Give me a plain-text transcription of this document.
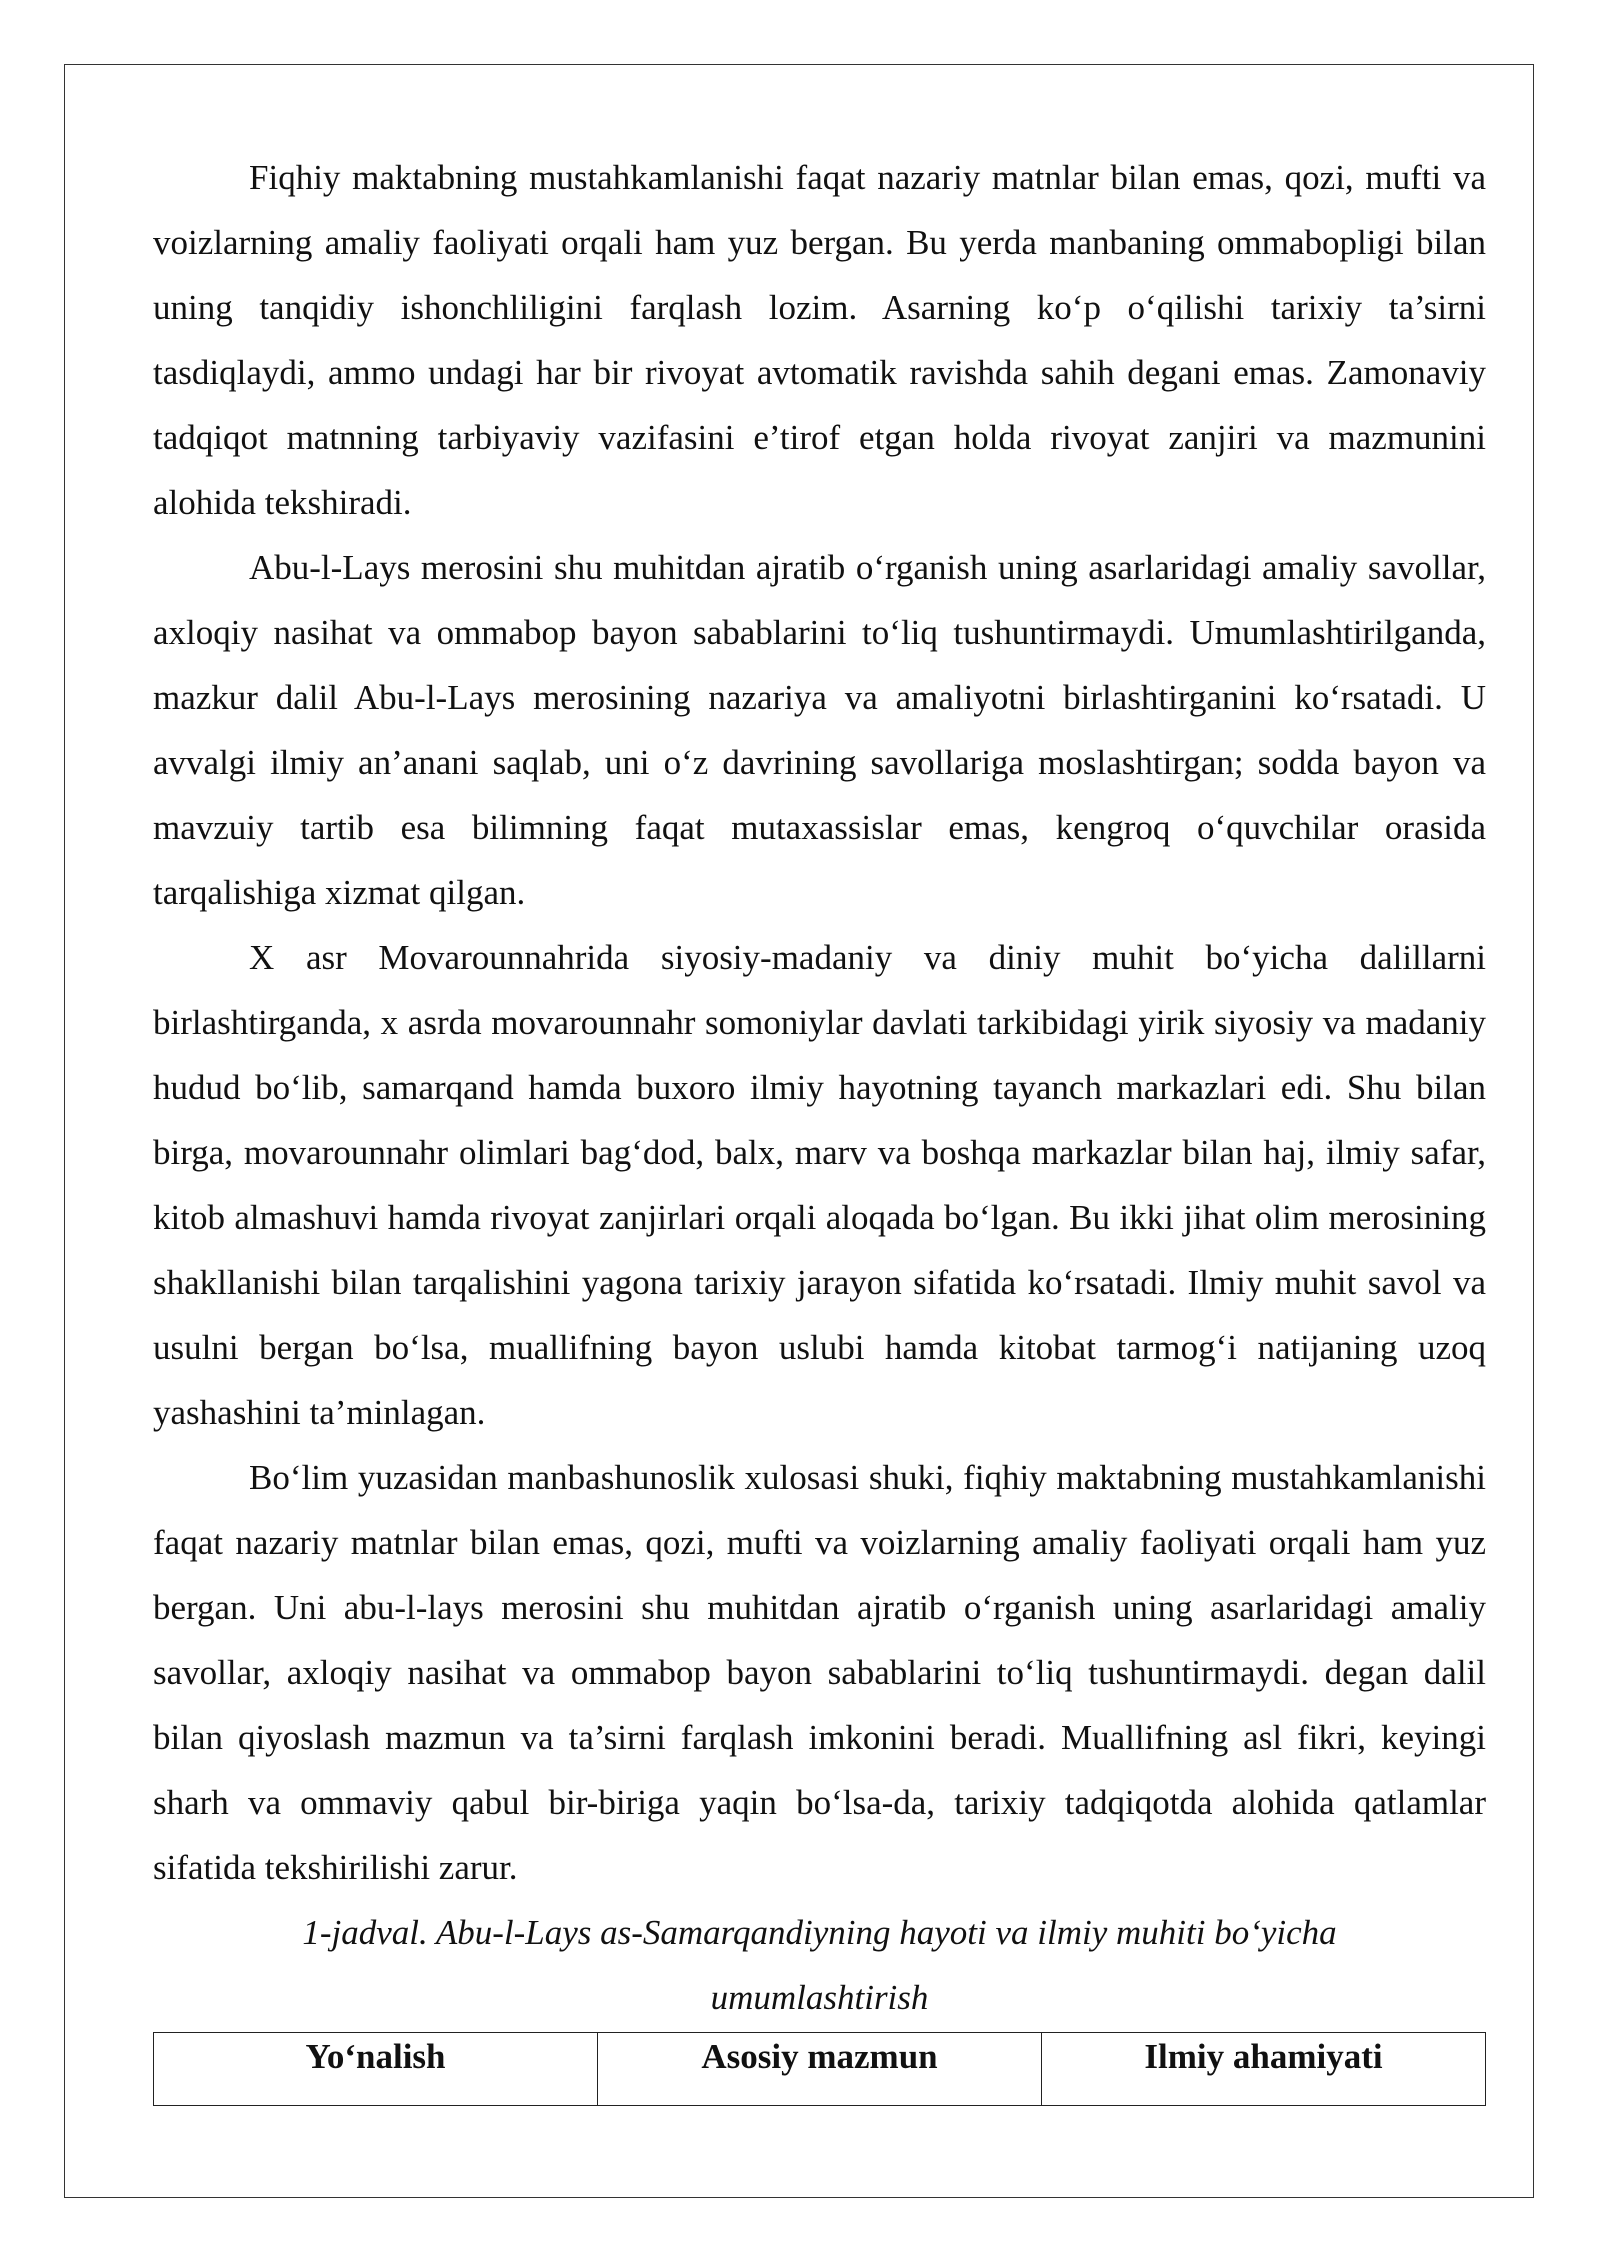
Fiqhiy maktabning mustahkamlanishi faqat nazariy matnlar bilan emas, qozi, mufti va voizlarning amaliy faoliyati orqali ham yuz bergan. Bu yerda manbaning ommabopligi bilan uning tanqidiy ishonchliligini farqlash lozim. Asarning ko‘p o‘qilishi tarixiy ta’sirni tasdiqlaydi, ammo undagi har bir rivoyat avtomatik ravishda sahih degani emas. Zamonaviy tadqiqot matnning tarbiyaviy vazifasini e’tirof etgan holda rivoyat zanjiri va mazmunini alohida tekshiradi.

Abu-l-Lays merosini shu muhitdan ajratib o‘rganish uning asarlaridagi amaliy savollar, axloqiy nasihat va ommabop bayon sabablarini to‘liq tushuntirmaydi. Umumlashtirilganda, mazkur dalil Abu-l-Lays merosining nazariya va amaliyotni birlashtirganini ko‘rsatadi. U avvalgi ilmiy an’anani saqlab, uni o‘z davrining savollariga moslashtirgan; sodda bayon va mavzuiy tartib esa bilimning faqat mutaxassislar emas, kengroq o‘quvchilar orasida tarqalishiga xizmat qilgan.

X asr Movarounnahrida siyosiy-madaniy va diniy muhit bo‘yicha dalillarni birlashtirganda, x asrda movarounnahr somoniylar davlati tarkibidagi yirik siyosiy va madaniy hudud bo‘lib, samarqand hamda buxoro ilmiy hayotning tayanch markazlari edi. Shu bilan birga, movarounnahr olimlari bag‘dod, balx, marv va boshqa markazlar bilan haj, ilmiy safar, kitob almashuvi hamda rivoyat zanjirlari orqali aloqada bo‘lgan. Bu ikki jihat olim merosining shakllanishi bilan tarqalishini yagona tarixiy jarayon sifatida ko‘rsatadi. Ilmiy muhit savol va usulni bergan bo‘lsa, muallifning bayon uslubi hamda kitobat tarmog‘i natijaning uzoq yashashini ta’minlagan.

Bo‘lim yuzasidan manbashunoslik xulosasi shuki, fiqhiy maktabning mustahkamlanishi faqat nazariy matnlar bilan emas, qozi, mufti va voizlarning amaliy faoliyati orqali ham yuz bergan. Uni abu-l-lays merosini shu muhitdan ajratib o‘rganish uning asarlaridagi amaliy savollar, axloqiy nasihat va ommabop bayon sabablarini to‘liq tushuntirmaydi. degan dalil bilan qiyoslash mazmun va ta’sirni farqlash imkonini beradi. Muallifning asl fikri, keyingi sharh va ommaviy qabul bir-biriga yaqin bo‘lsa-da, tarixiy tadqiqotda alohida qatlamlar sifatida tekshirilishi zarur.

1-jadval. Abu-l-Lays as-Samarqandiyning hayoti va ilmiy muhiti bo‘yicha umumlashtirish

Yo‘nalish	Asosiy mazmun	Ilmiy ahamiyati
